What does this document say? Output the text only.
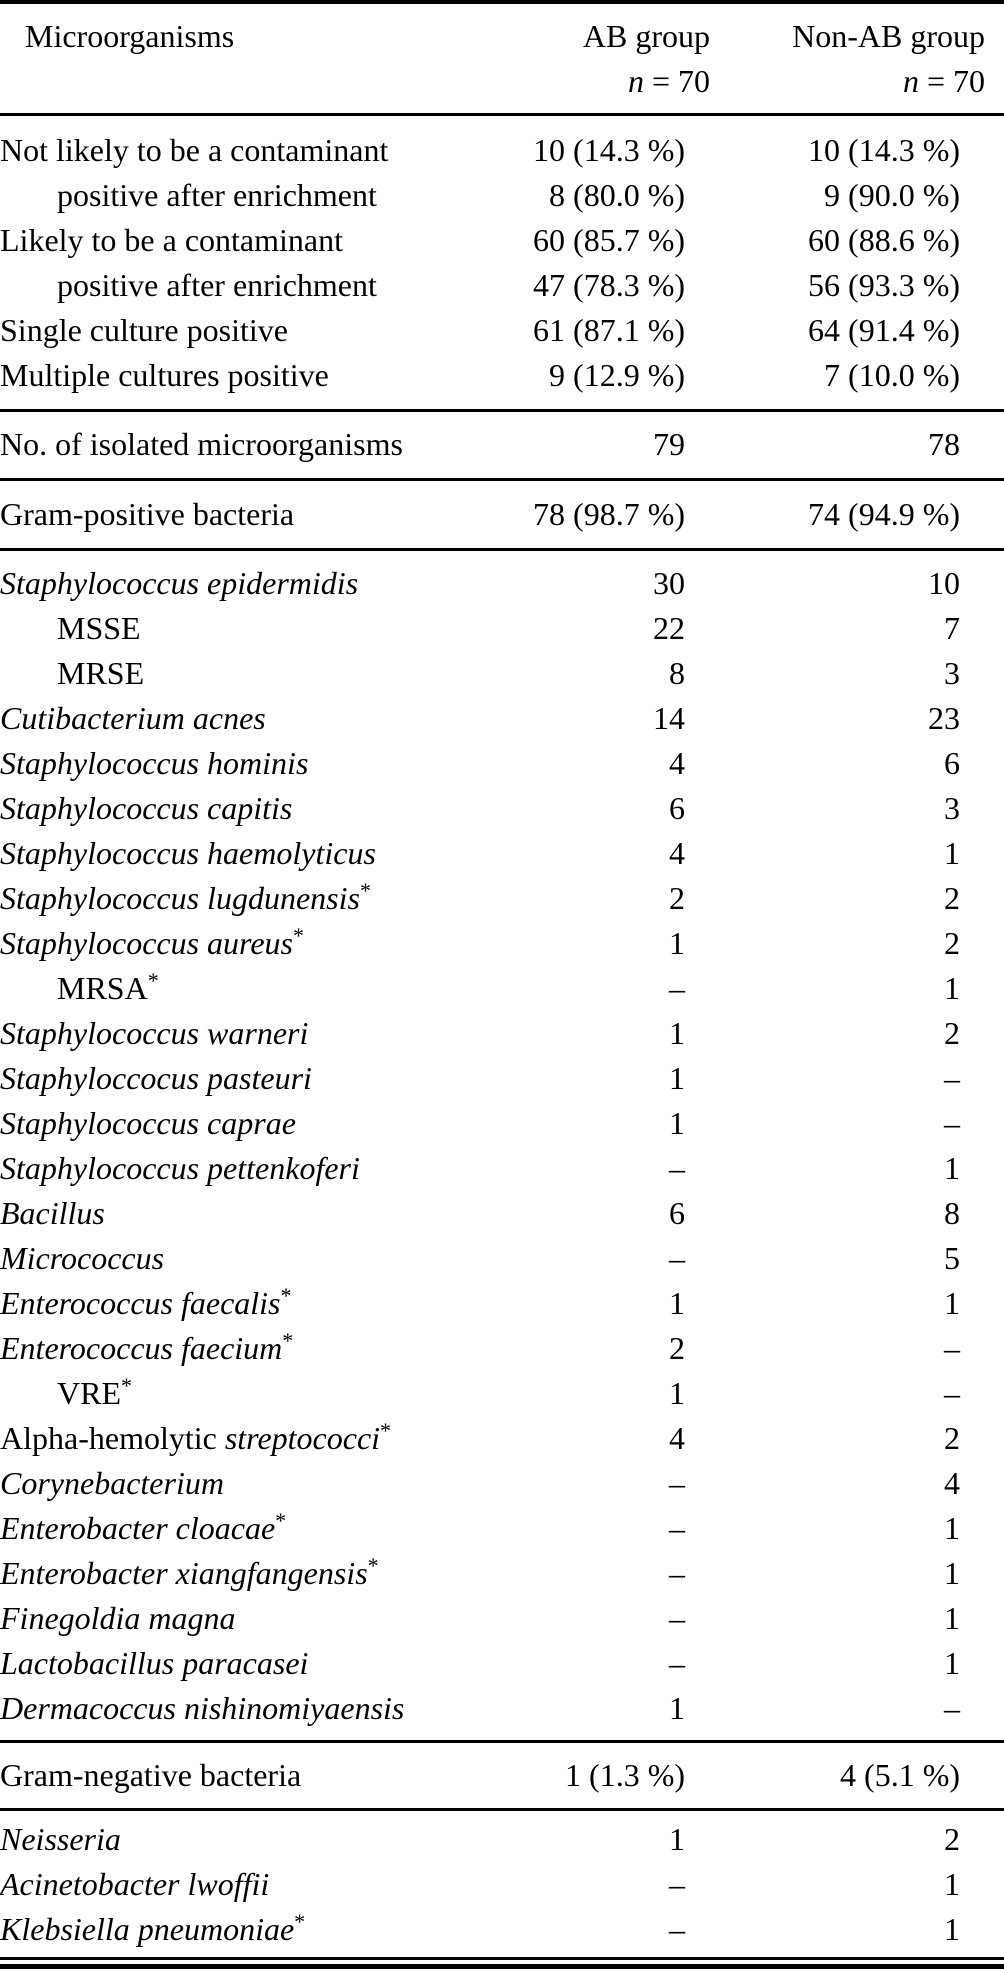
Microorganisms	AB group	Non-AB group
n = 70	n = 70
Not likely to be a contaminant	10 (14.3 %)	10 (14.3 %)
positive after enrichment	8 (80.0 %)	9 (90.0 %)
Likely to be a contaminant	60 (85.7 %)	60 (88.6 %)
positive after enrichment	47 (78.3 %)	56 (93.3 %)
Single culture positive	61 (87.1 %)	64 (91.4 %)
Multiple cultures positive	9 (12.9 %)	7 (10.0 %)
No. of isolated microorganisms	79	78
Gram-positive bacteria	78 (98.7 %)	74 (94.9 %)
Staphylococcus epidermidis	30	10
MSSE	22	7
MRSE	8	3
Cutibacterium acnes	14	23
Staphylococcus hominis	4	6
Staphylococcus capitis	6	3
Staphylococcus haemolyticus	4	1
Staphylococcus lugdunensis*	2	2
Staphylococcus aureus*	1	2
MRSA*	–	1
Staphylococcus warneri	1	2
Staphyloccocus pasteuri	1	–
Staphylococcus caprae	1	–
Staphylococcus pettenkoferi	–	1
Bacillus	6	8
Micrococcus	–	5
Enterococcus faecalis*	1	1
Enterococcus faecium*	2	–
VRE*	1	–
Alpha-hemolytic streptococci*	4	2
Corynebacterium	–	4
Enterobacter cloacae*	–	1
Enterobacter xiangfangensis*	–	1
Finegoldia magna	–	1
Lactobacillus paracasei	–	1
Dermacoccus nishinomiyaensis	1	–
Gram-negative bacteria	1 (1.3 %)	4 (5.1 %)
Neisseria	1	2
Acinetobacter lwoffii	–	1
Klebsiella pneumoniae*	–	1
